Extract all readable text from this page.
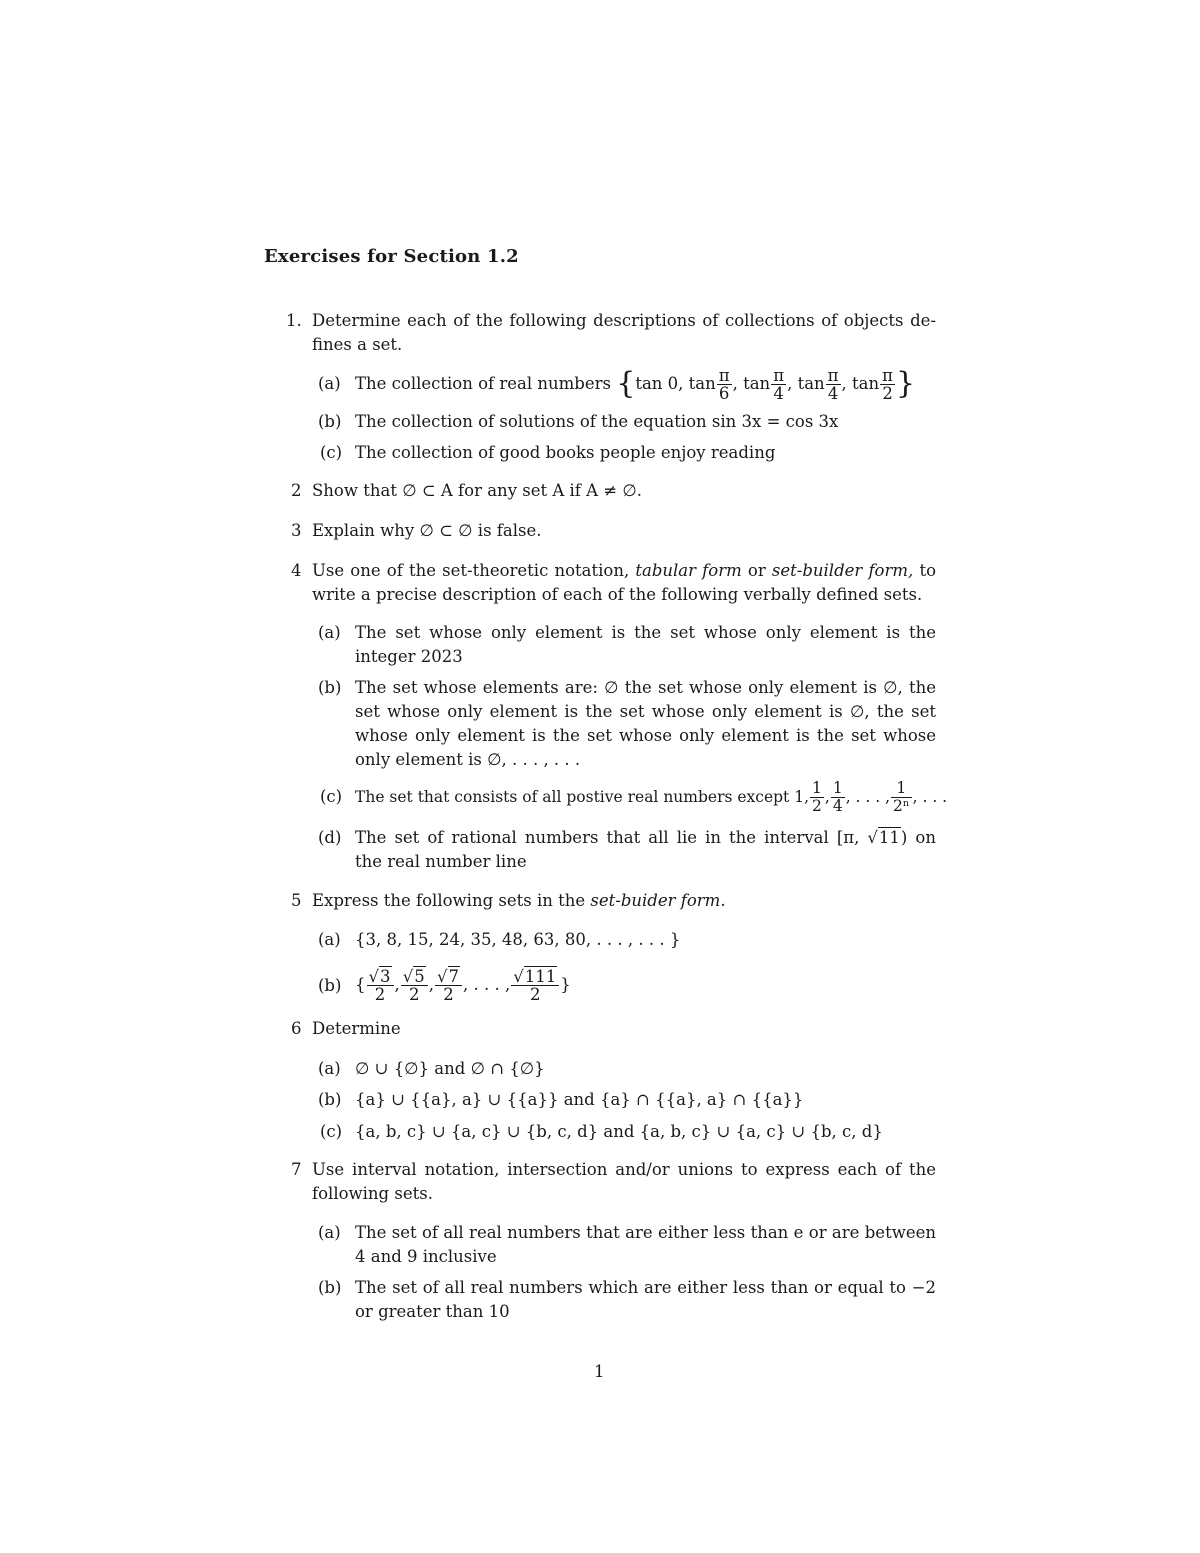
Exercises for Section 1.2
1. Determine each of the following descriptions of collections of objects de-
fines a set.
(a) The collection of real numbers
{ tan 0, $\tan \frac{\pi}{6}$ , $\tan \frac{\pi}{4}$ , $\tan \frac{\pi}{4}$ , $\tan \frac{\pi}{2}$ }
(b) The collection of solutions of the equation sin 3x = cos 3x
(c) The collection of good books people enjoy reading
2 Show that ∅ ⊂ A for any set A if A ≠ ∅.
3 Explain why ∅ ⊂ ∅ is false.
4 Use one of the set-theoretic notation, tabular form or set-builder form, to
write a precise description of each of the following verbally defined sets.
(a) The set whose only element is the set whose only element is the
integer 2023
(b) The set whose elements are: ∅ the set whose only element is ∅, the
set whose only element is the set whose only element is ∅, the set
whose only element is the set whose only element is the set whose
only element is ∅, . . . , . . .
(c) The set that consists of all postive real numbers except 1, $\frac{1}{2}$ , $\frac{1}{4}$ , . . . , $\frac{1}{\text{2ⁿ}}$ , . . .
(d) The set of rational numbers that all lie in the interval [π, √11) on
the real number line
5 Express the following sets in the set-buider form.
(a) {3, 8, 15, 24, 35, 48, 63, 80, . . . , . . . }
(b) { $\frac{√3}{2}$ , $\frac{√5}{2}$ , $\frac{√7}{2}$ , . . . , $\frac{√111}{2}$ }
6 Determine
(a) ∅ ∪ {∅} and ∅ ∩ {∅}
(b) {a} ∪ {{a}, a} ∪ {{a}} and {a} ∩ {{a}, a} ∩ {{a}}
(c) {a, b, c} ∪ {a, c} ∪ {b, c, d} and {a, b, c} ∪ {a, c} ∪ {b, c, d}
7 Use interval notation, intersection and/or unions to express each of the
following sets.
(a) The set of all real numbers that are either less than e or are between
4 and 9 inclusive
(b) The set of all real numbers which are either less than or equal to −2
or greater than 10
1
